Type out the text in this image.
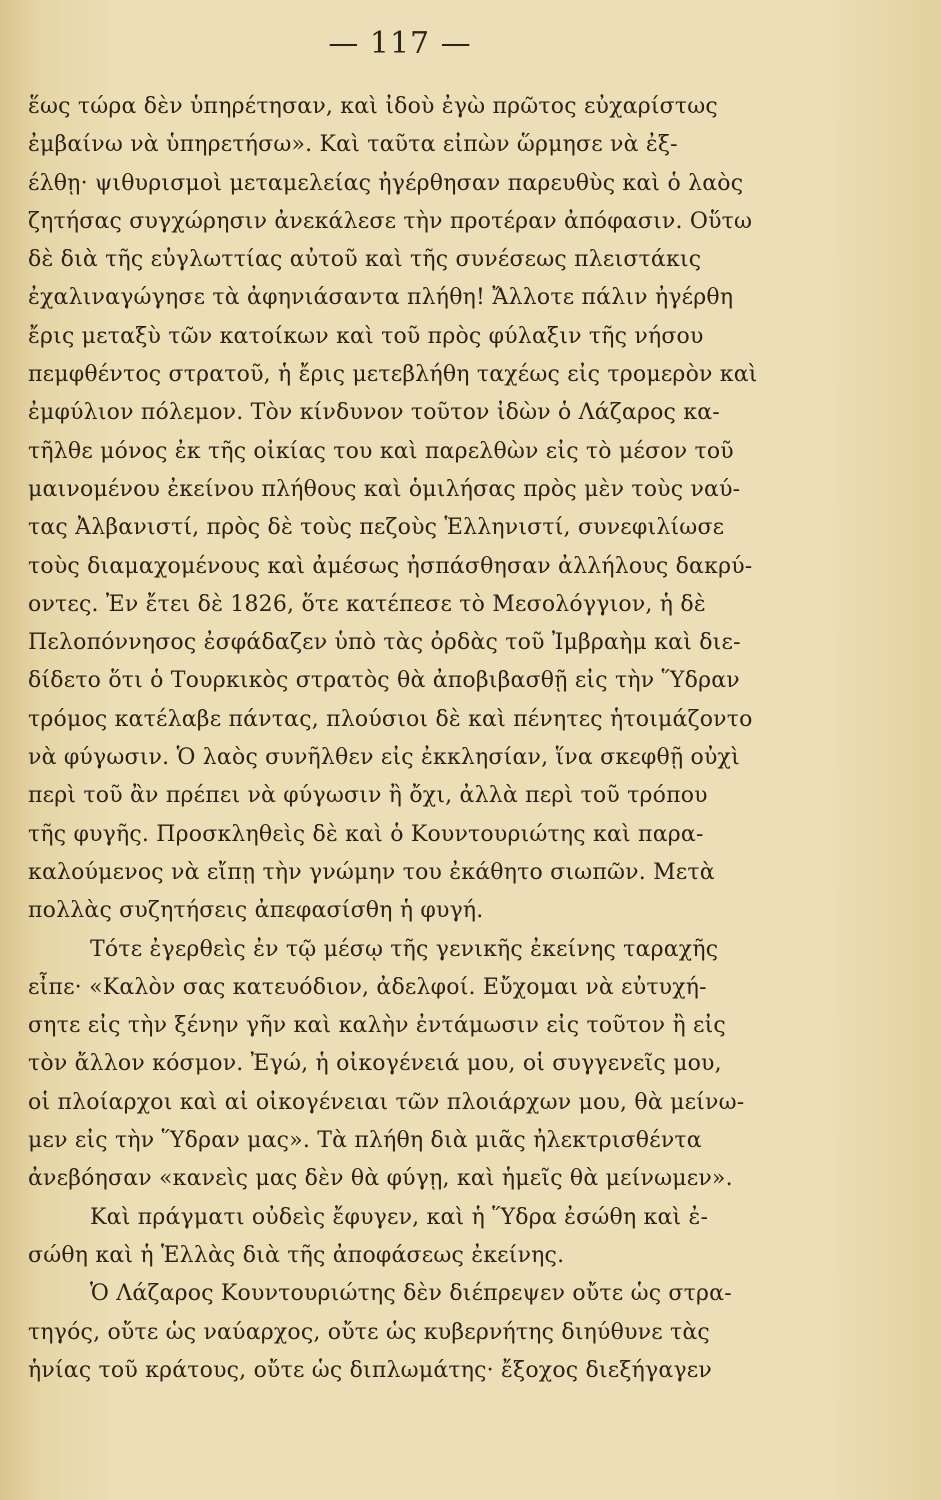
— 117 —
ἕως τώρα δὲν ὑπηρέτησαν, καὶ ἰδοὺ ἐγὼ πρῶτος εὐχαρίστως
ἐμβαίνω νὰ ὑπηρετήσω». Καὶ ταῦτα εἰπὼν ὥρμησε νὰ ἐξ-
έλθῃ· ψιθυρισμοὶ μεταμελείας ἠγέρθησαν παρευθὺς καὶ ὁ λαὸς
ζητήσας συγχώρησιν ἀνεκάλεσε τὴν προτέραν ἀπόφασιν. Οὕτω
δὲ διὰ τῆς εὐγλωττίας αὐτοῦ καὶ τῆς συνέσεως πλειστάκις
ἐχαλιναγώγησε τὰ ἀφηνιάσαντα πλήθη! Ἄλλοτε πάλιν ἠγέρθη
ἔρις μεταξὺ τῶν κατοίκων καὶ τοῦ πρὸς φύλαξιν τῆς νήσου
πεμφθέντος στρατοῦ, ἡ ἔρις μετεβλήθη ταχέως εἰς τρομερὸν καὶ
ἐμφύλιον πόλεμον. Τὸν κίνδυνον τοῦτον ἰδὼν ὁ Λάζαρος κα-
τῆλθε μόνος ἐκ τῆς οἰκίας του καὶ παρελθὼν εἰς τὸ μέσον τοῦ
μαινομένου ἐκείνου πλήθους καὶ ὁμιλήσας πρὸς μὲν τοὺς ναύ-
τας Ἀλβανιστί, πρὸς δὲ τοὺς πεζοὺς Ἑλληνιστί, συνεφιλίωσε
τοὺς διαμαχομένους καὶ ἀμέσως ἠσπάσθησαν ἀλλήλους δακρύ-
οντες. Ἐν ἔτει δὲ 1826, ὅτε κατέπεσε τὸ Μεσολόγγιον, ἡ δὲ
Πελοπόννησος ἐσφάδαζεν ὑπὸ τὰς ὀρδὰς τοῦ Ἰμβραὴμ καὶ διε-
δίδετο ὅτι ὁ Τουρκικὸς στρατὸς θὰ ἀποβιβασθῇ εἰς τὴν Ὕδραν
τρόμος κατέλαβε πάντας, πλούσιοι δὲ καὶ πένητες ἡτοιμάζοντο
νὰ φύγωσιν. Ὁ λαὸς συνῆλθεν εἰς ἐκκλησίαν, ἵνα σκεφθῇ οὐχὶ
περὶ τοῦ ἂν πρέπει νὰ φύγωσιν ἢ ὄχι, ἀλλὰ περὶ τοῦ τρόπου
τῆς φυγῆς. Προσκληθεὶς δὲ καὶ ὁ Κουντουριώτης καὶ παρα-
καλούμενος νὰ εἴπῃ τὴν γνώμην του ἐκάθητο σιωπῶν. Μετὰ
πολλὰς συζητήσεις ἀπεφασίσθη ἡ φυγή.
Τότε ἐγερθεὶς ἐν τῷ μέσῳ τῆς γενικῆς ἐκείνης ταραχῆς
εἶπε· «Καλὸν σας κατευόδιον, ἀδελφοί. Εὔχομαι νὰ εὐτυχή-
σητε εἰς τὴν ξένην γῆν καὶ καλὴν ἐντάμωσιν εἰς τοῦτον ἢ εἰς
τὸν ἄλλον κόσμον. Ἐγώ, ἡ οἰκογένειά μου, οἱ συγγενεῖς μου,
οἱ πλοίαρχοι καὶ αἱ οἰκογένειαι τῶν πλοιάρχων μου, θὰ μείνω-
μεν εἰς τὴν Ὕδραν μας». Τὰ πλήθη διὰ μιᾶς ἠλεκτρισθέντα
ἀνεβόησαν «κανεὶς μας δὲν θὰ φύγῃ, καὶ ἡμεῖς θὰ μείνωμεν».
Καὶ πράγματι οὐδεὶς ἔφυγεν, καὶ ἡ Ὕδρα ἐσώθη καὶ ἐ-
σώθη καὶ ἡ Ἑλλὰς διὰ τῆς ἀποφάσεως ἐκείνης.
Ὁ Λάζαρος Κουντουριώτης δὲν διέπρεψεν οὔτε ὡς στρα-
τηγός, οὔτε ὡς ναύαρχος, οὔτε ὡς κυβερνήτης διηύθυνε τὰς
ἡνίας τοῦ κράτους, οὔτε ὡς διπλωμάτης· ἔξοχος διεξήγαγεν
